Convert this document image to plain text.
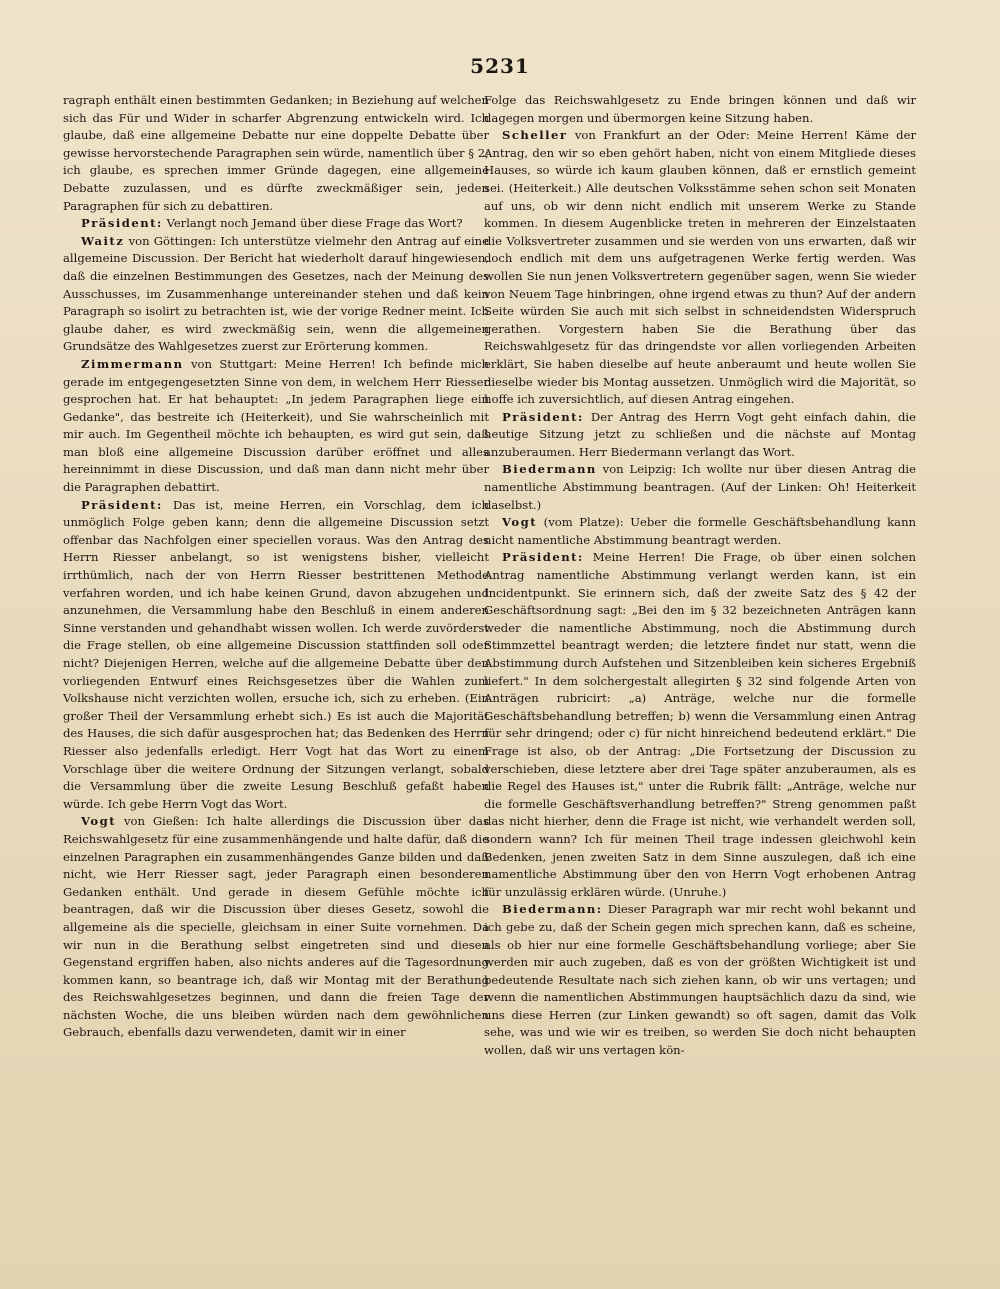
5231

ragraph enthält einen bestimmten Gedanken; in Beziehung auf welchen sich das Für und Wider in scharfer Abgrenzung entwickeln wird. Ich glaube, daß eine allgemeine Debatte nur eine doppelte Debatte über gewisse hervorstechende Paragraphen sein würde, namentlich über § 2; ich glaube, es sprechen immer Gründe dagegen, eine allgemeine Debatte zuzulassen, und es dürfte zweckmäßiger sein, jeden Paragraphen für sich zu debattiren.

Präsident: Verlangt noch Jemand über diese Frage das Wort?

Waitz von Göttingen: Ich unterstütze vielmehr den Antrag auf eine allgemeine Discussion. Der Bericht hat wiederholt darauf hingewiesen, daß die einzelnen Bestimmungen des Gesetzes, nach der Meinung des Ausschusses, im Zusammenhange untereinander stehen und daß kein Paragraph so isolirt zu betrachten ist, wie der vorige Redner meint. Ich glaube daher, es wird zweckmäßig sein, wenn die allgemeinen Grundsätze des Wahlgesetzes zuerst zur Erörterung kommen.

Zimmermann von Stuttgart: Meine Herren! Ich befinde mich gerade im entgegengesetzten Sinne von dem, in welchem Herr Riesser gesprochen hat. Er hat behauptet: „In jedem Paragraphen liege ein Gedanke", das bestreite ich (Heiterkeit), und Sie wahrscheinlich mit mir auch. Im Gegentheil möchte ich behaupten, es wird gut sein, daß man bloß eine allgemeine Discussion darüber eröffnet und alles hereinnimmt in diese Discussion, und daß man dann nicht mehr über die Paragraphen debattirt.

Präsident: Das ist, meine Herren, ein Vorschlag, dem ich unmöglich Folge geben kann; denn die allgemeine Discussion setzt offenbar das Nachfolgen einer speciellen voraus. Was den Antrag des Herrn Riesser anbelangt, so ist wenigstens bisher, vielleicht irrthümlich, nach der von Herrn Riesser bestrittenen Methode verfahren worden, und ich habe keinen Grund, davon abzugehen und anzunehmen, die Versammlung habe den Beschluß in einem anderen Sinne verstanden und gehandhabt wissen wollen. Ich werde zuvörderst die Frage stellen, ob eine allgemeine Discussion stattfinden soll oder nicht? Diejenigen Herren, welche auf die allgemeine Debatte über den vorliegenden Entwurf eines Reichsgesetzes über die Wahlen zum Volkshause nicht verzichten wollen, ersuche ich, sich zu erheben. (Ein großer Theil der Versammlung erhebt sich.) Es ist auch die Majorität des Hauses, die sich dafür ausgesprochen hat; das Bedenken des Herrn Riesser also jedenfalls erledigt. Herr Vogt hat das Wort zu einem Vorschlage über die weitere Ordnung der Sitzungen verlangt, sobald die Versammlung über die zweite Lesung Beschluß gefaßt haben würde. Ich gebe Herrn Vogt das Wort.

Vogt von Gießen: Ich halte allerdings die Discussion über das Reichswahlgesetz für eine zusammenhängende und halte dafür, daß die einzelnen Paragraphen ein zusammenhängendes Ganze bilden und daß nicht, wie Herr Riesser sagt, jeder Paragraph einen besonderen Gedanken enthält. Und gerade in diesem Gefühle möchte ich beantragen, daß wir die Discussion über dieses Gesetz, sowohl die allgemeine als die specielle, gleichsam in einer Suite vornehmen. Da wir nun in die Berathung selbst eingetreten sind und diesen Gegenstand ergriffen haben, also nichts anderes auf die Tagesordnung kommen kann, so beantrage ich, daß wir Montag mit der Berathung des Reichswahlgesetzes beginnen, und dann die freien Tage der nächsten Woche, die uns bleiben würden nach dem gewöhnlichen Gebrauch, ebenfalls dazu verwendeten, damit wir in einer

Folge das Reichswahlgesetz zu Ende bringen können und daß wir dagegen morgen und übermorgen keine Sitzung haben.

Scheller von Frankfurt an der Oder: Meine Herren! Käme der Antrag, den wir so eben gehört haben, nicht von einem Mitgliede dieses Hauses, so würde ich kaum glauben können, daß er ernstlich gemeint sei. (Heiterkeit.) Alle deutschen Volksstämme sehen schon seit Monaten auf uns, ob wir denn nicht endlich mit unserem Werke zu Stande kommen. In diesem Augenblicke treten in mehreren der Einzelstaaten die Volksvertreter zusammen und sie werden von uns erwarten, daß wir doch endlich mit dem uns aufgetragenen Werke fertig werden. Was wollen Sie nun jenen Volksvertretern gegenüber sagen, wenn Sie wieder von Neuem Tage hinbringen, ohne irgend etwas zu thun? Auf der andern Seite würden Sie auch mit sich selbst in schneidendsten Widerspruch gerathen. Vorgestern haben Sie die Berathung über das Reichswahlgesetz für das dringendste vor allen vorliegenden Arbeiten erklärt, Sie haben dieselbe auf heute anberaumt und heute wollen Sie dieselbe wieder bis Montag aussetzen. Unmöglich wird die Majorität, so hoffe ich zuversichtlich, auf diesen Antrag eingehen.

Präsident: Der Antrag des Herrn Vogt geht einfach dahin, die heutige Sitzung jetzt zu schließen und die nächste auf Montag anzuberaumen. Herr Biedermann verlangt das Wort.

Biedermann von Leipzig: Ich wollte nur über diesen Antrag die namentliche Abstimmung beantragen. (Auf der Linken: Oh! Heiterkeit daselbst.)

Vogt (vom Platze): Ueber die formelle Geschäftsbehandlung kann nicht namentliche Abstimmung beantragt werden.

Präsident: Meine Herren! Die Frage, ob über einen solchen Antrag namentliche Abstimmung verlangt werden kann, ist ein Incidentpunkt. Sie erinnern sich, daß der zweite Satz des § 42 der Geschäftsordnung sagt: „Bei den im § 32 bezeichneten Anträgen kann weder die namentliche Abstimmung, noch die Abstimmung durch Stimmzettel beantragt werden; die letztere findet nur statt, wenn die Abstimmung durch Aufstehen und Sitzenbleiben kein sicheres Ergebniß liefert." In dem solchergestalt allegirten § 32 sind folgende Arten von Anträgen rubricirt: „a) Anträge, welche nur die formelle Geschäftsbehandlung betreffen; b) wenn die Versammlung einen Antrag für sehr dringend; oder c) für nicht hinreichend bedeutend erklärt." Die Frage ist also, ob der Antrag: „Die Fortsetzung der Discussion zu verschieben, diese letztere aber drei Tage später anzuberaumen, als es die Regel des Hauses ist," unter die Rubrik fällt: „Anträge, welche nur die formelle Geschäftsverhandlung betreffen?" Streng genommen paßt das nicht hierher, denn die Frage ist nicht, wie verhandelt werden soll, sondern wann? Ich für meinen Theil trage indessen gleichwohl kein Bedenken, jenen zweiten Satz in dem Sinne auszulegen, daß ich eine namentliche Abstimmung über den von Herrn Vogt erhobenen Antrag für unzulässig erklären würde. (Unruhe.)

Biedermann: Dieser Paragraph war mir recht wohl bekannt und ich gebe zu, daß der Schein gegen mich sprechen kann, daß es scheine, als ob hier nur eine formelle Geschäftsbehandlung vorliege; aber Sie werden mir auch zugeben, daß es von der größten Wichtigkeit ist und bedeutende Resultate nach sich ziehen kann, ob wir uns vertagen; und wenn die namentlichen Abstimmungen hauptsächlich dazu da sind, wie uns diese Herren (zur Linken gewandt) so oft sagen, damit das Volk sehe, was und wie wir es treiben, so werden Sie doch nicht behaupten wollen, daß wir uns vertagen kön-
